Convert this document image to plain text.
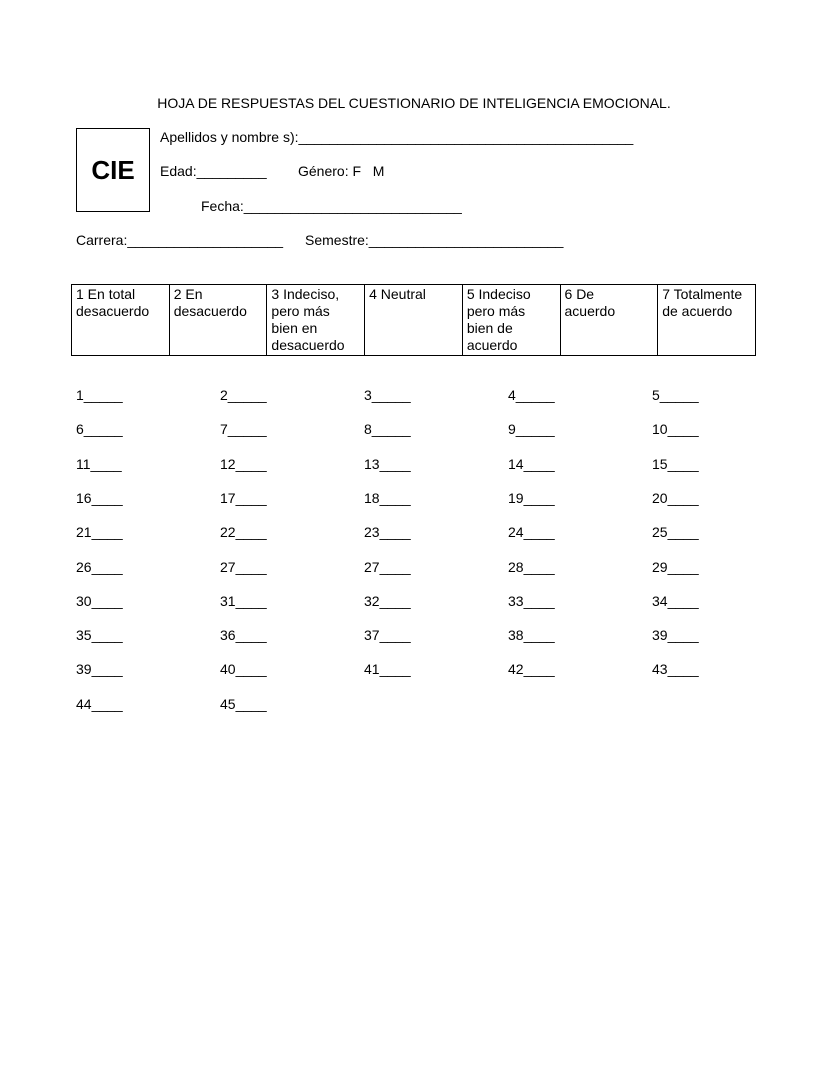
HOJA DE RESPUESTAS DEL CUESTIONARIO DE INTELIGENCIA EMOCIONAL.
CIE
Apellidos y nombre s):___________________________________________
Edad:_________ Género: F   M
Fecha:____________________________
Carrera:____________________ Semestre:_________________________
1 En total
desacuerdo	2 En
desacuerdo	3 Indeciso,
pero más
bien en
desacuerdo	4 Neutral	5 Indeciso
pero más
bien de
acuerdo	6 De
acuerdo	7 Totalmente
de acuerdo
1_____	2_____	3_____	4_____	5_____
6_____	7_____	8_____	9_____	10____
11____	12____	13____	14____	15____
16____	17____	18____	19____	20____
21____	22____	23____	24____	25____
26____	27____	27____	28____	29____
30____	31____	32____	33____	34____
35____	36____	37____	38____	39____
39____	40____	41____	42____	43____
44____	45____
